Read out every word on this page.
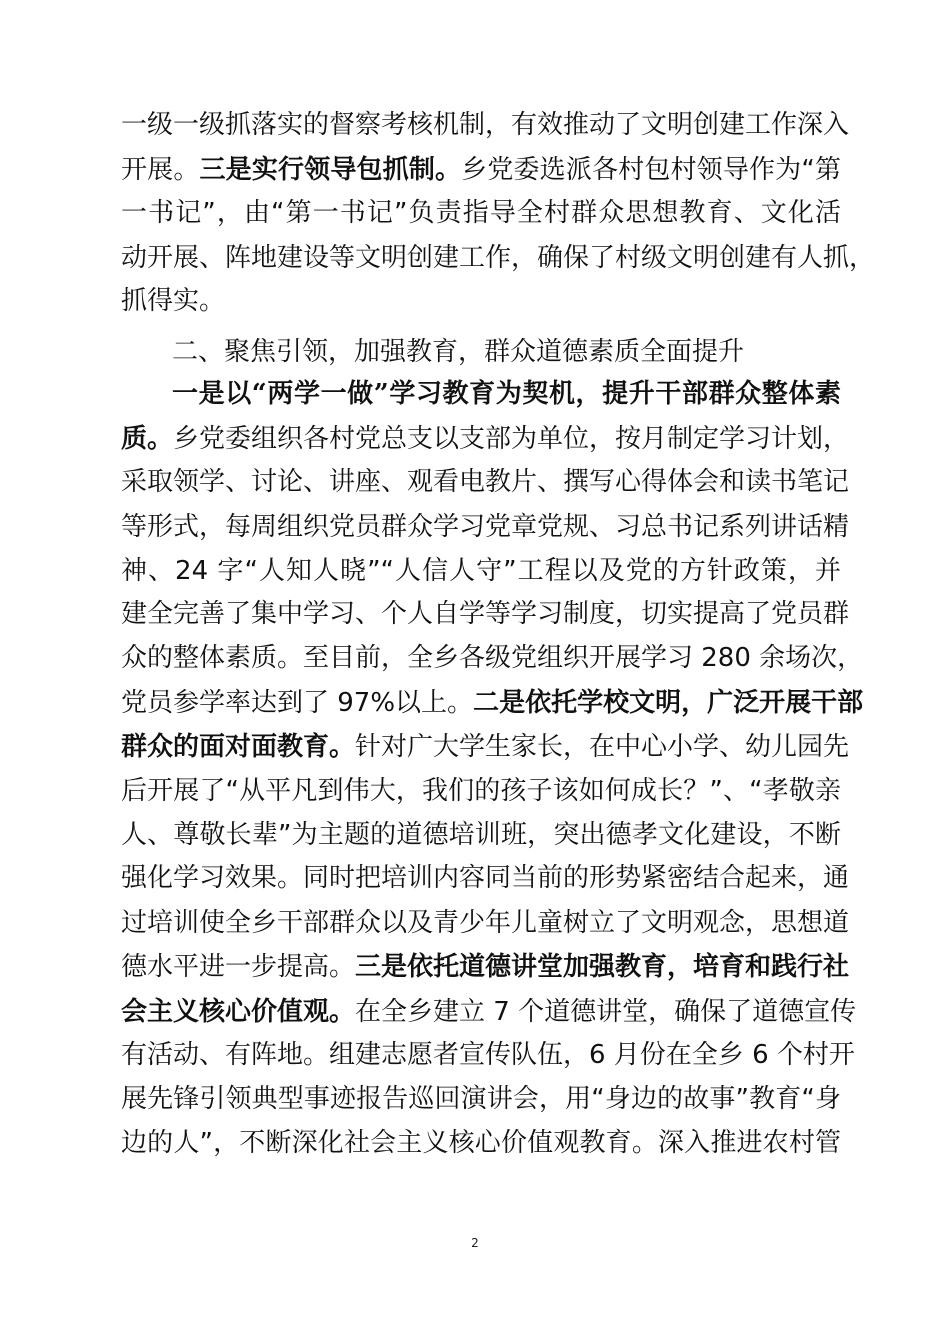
一级一级抓落实的督察考核机制，有效推动了文明创建工作深入
开展。三是实行领导包抓制。乡党委选派各村包村领导作为“第
一书记”，由“第一书记”负责指导全村群众思想教育、文化活
动开展、阵地建设等文明创建工作，确保了村级文明创建有人抓，
抓得实。
二、聚焦引领，加强教育，群众道德素质全面提升
一是以“两学一做”学习教育为契机，提升干部群众整体素
质。乡党委组织各村党总支以支部为单位，按月制定学习计划，
采取领学、讨论、讲座、观看电教片、撰写心得体会和读书笔记
等形式，每周组织党员群众学习党章党规、习总书记系列讲话精
神、24 字“人知人晓”“人信人守”工程以及党的方针政策，并
建全完善了集中学习、个人自学等学习制度，切实提高了党员群
众的整体素质。至目前，全乡各级党组织开展学习 280 余场次，
党员参学率达到了 97%以上。二是依托学校文明，广泛开展干部
群众的面对面教育。针对广大学生家长，在中心小学、幼儿园先
后开展了“从平凡到伟大，我们的孩子该如何成长？”、“孝敬亲
人、尊敬长辈”为主题的道德培训班，突出德孝文化建设，不断
强化学习效果。同时把培训内容同当前的形势紧密结合起来，通
过培训使全乡干部群众以及青少年儿童树立了文明观念，思想道
德水平进一步提高。三是依托道德讲堂加强教育，培育和践行社
会主义核心价值观。在全乡建立 7 个道德讲堂，确保了道德宣传
有活动、有阵地。组建志愿者宣传队伍，6 月份在全乡 6 个村开
展先锋引领典型事迹报告巡回演讲会，用“身边的故事”教育“身
边的人”，不断深化社会主义核心价值观教育。深入推进农村管
2
